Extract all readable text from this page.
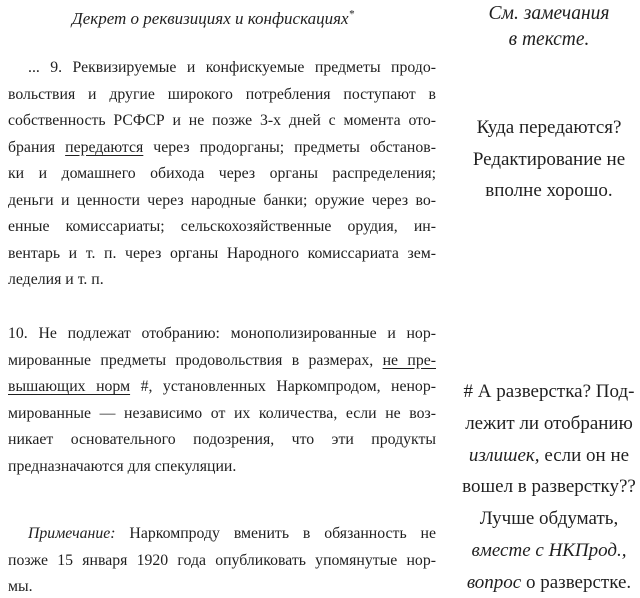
Декрет о реквизициях и конфискациях*
... 9. Реквизируемые и конфискуемые предметы продо-
вольствия и другие широкого потребления поступают в
собственность РСФСР и не позже 3-х дней с момента ото-
брания передаются через продорганы; предметы обстанов-
ки и домашнего обихода через органы распределения;
деньги и ценности через народные банки; оружие через во-
енные комиссариаты; сельскохозяйственные орудия, ин-
вентарь и т. п. через органы Народного комиссариата зем-
леделия и т. п.
10. Не подлежат отобранию: монополизированные и нор-
мированные предметы продовольствия в размерах, не пре-
вышающих норм #, установленных Наркомпродом, ненор-
мированные — независимо от их количества, если не воз-
никает основательного подозрения, что эти продукты
предназначаются для спекуляции.
Примечание: Наркомпроду вменить в обязанность не
позже 15 января 1920 года опубликовать упомянутые нор-
мы.
См. замечания
в тексте.
Куда передаются?
Редактирование не
вполне хорошо.
# А разверстка? Под-
лежит ли отобранию
излишек, если он не
вошел в разверстку??
Лучше обдумать,
вместе с НКПрод.,
вопрос о разверстке.
